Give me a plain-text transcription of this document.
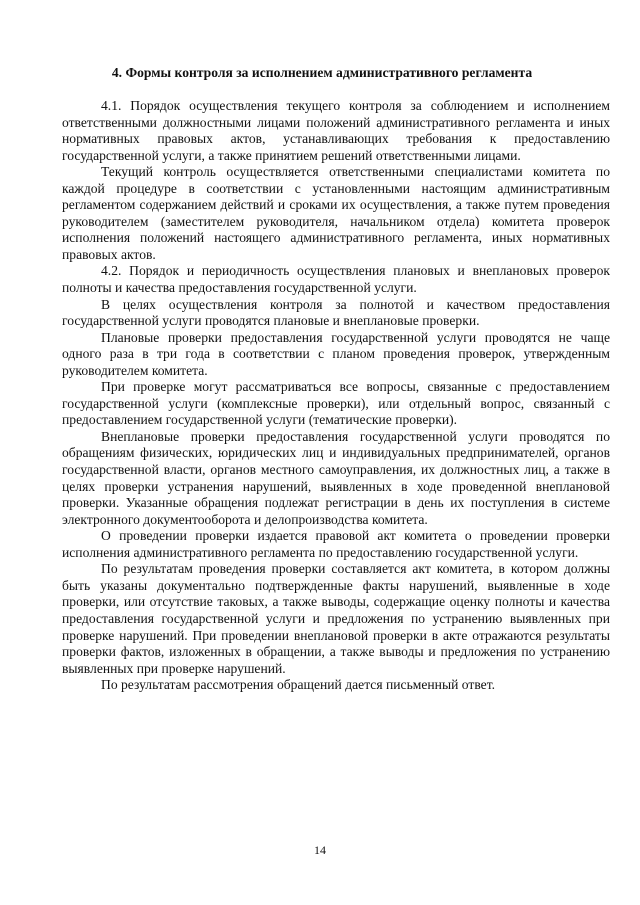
4. Формы контроля за исполнением административного регламента

4.1. Порядок осуществления текущего контроля за соблюдением и исполнением ответственными должностными лицами положений административного регламента и иных нормативных правовых актов, устанавливающих требования к предоставлению государственной услуги, а также принятием решений ответственными лицами.

Текущий контроль осуществляется ответственными специалистами комитета по каждой процедуре в соответствии с установленными настоящим административным регламентом содержанием действий и сроками их осуществления, а также путем проведения руководителем (заместителем руководителя, начальником отдела) комитета проверок исполнения положений настоящего административного регламента, иных нормативных правовых актов.

4.2. Порядок и периодичность осуществления плановых и внеплановых проверок полноты и качества предоставления государственной услуги.

В целях осуществления контроля за полнотой и качеством предоставления государственной услуги проводятся плановые и внеплановые проверки.

Плановые проверки предоставления государственной услуги проводятся не чаще одного раза в три года в соответствии с планом проведения проверок, утвержденным руководителем комитета.

При проверке могут рассматриваться все вопросы, связанные с предоставлением государственной услуги (комплексные проверки), или отдельный вопрос, связанный с предоставлением государственной услуги (тематические проверки).

Внеплановые проверки предоставления государственной услуги проводятся по обращениям физических, юридических лиц и индивидуальных предпринимателей, органов государственной власти, органов местного самоуправления, их должностных лиц, а также в целях проверки устранения нарушений, выявленных в ходе проведенной внеплановой проверки. Указанные обращения подлежат регистрации в день их поступления в системе электронного документооборота и делопроизводства комитета.

О проведении проверки издается правовой акт комитета о проведении проверки исполнения административного регламента по предоставлению государственной услуги.

По результатам проведения проверки составляется акт комитета, в котором должны быть указаны документально подтвержденные факты нарушений, выявленные в ходе проверки, или отсутствие таковых, а также выводы, содержащие оценку полноты и качества предоставления государственной услуги и предложения по устранению выявленных при проверке нарушений. При проведении внеплановой проверки в акте отражаются результаты проверки фактов, изложенных в обращении, а также выводы и предложения по устранению выявленных при проверке нарушений.

По результатам рассмотрения обращений дается письменный ответ.

14
